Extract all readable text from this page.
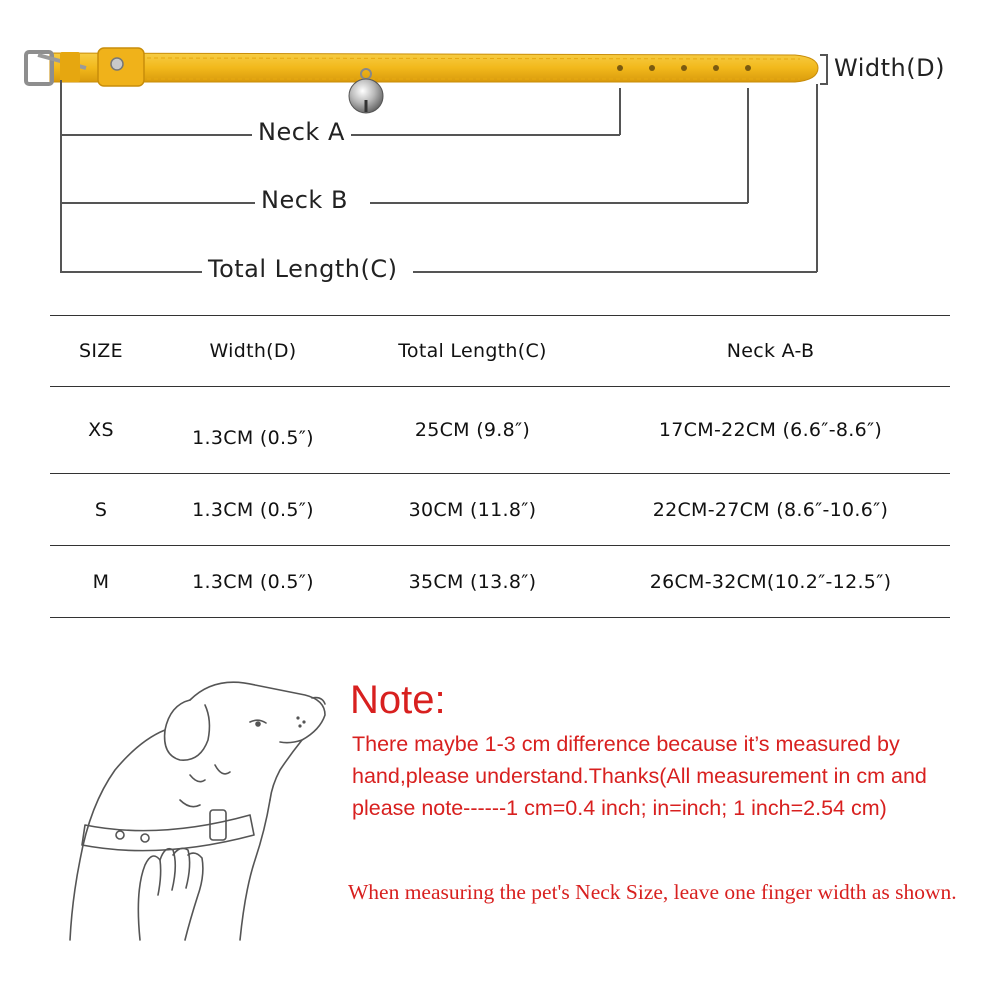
Width(D)
Neck A
Neck B
Total Length(C)
SIZE	Width(D)	Total Length(C)	Neck A-B
XS	1.3CM (0.5″)	25CM (9.8″)	17CM-22CM (6.6″-8.6″)
S	1.3CM (0.5″)	30CM (11.8″)	22CM-27CM (8.6″-10.6″)
M	1.3CM (0.5″)	35CM (13.8″)	26CM-32CM(10.2″-12.5″)
Note:
There maybe 1-3 cm difference because it’s measured by hand,please understand.Thanks(All measurement in cm and please note------1 cm=0.4 inch; in=inch; 1 inch=2.54 cm)
When measuring the pet's Neck Size, leave one finger width as shown.
